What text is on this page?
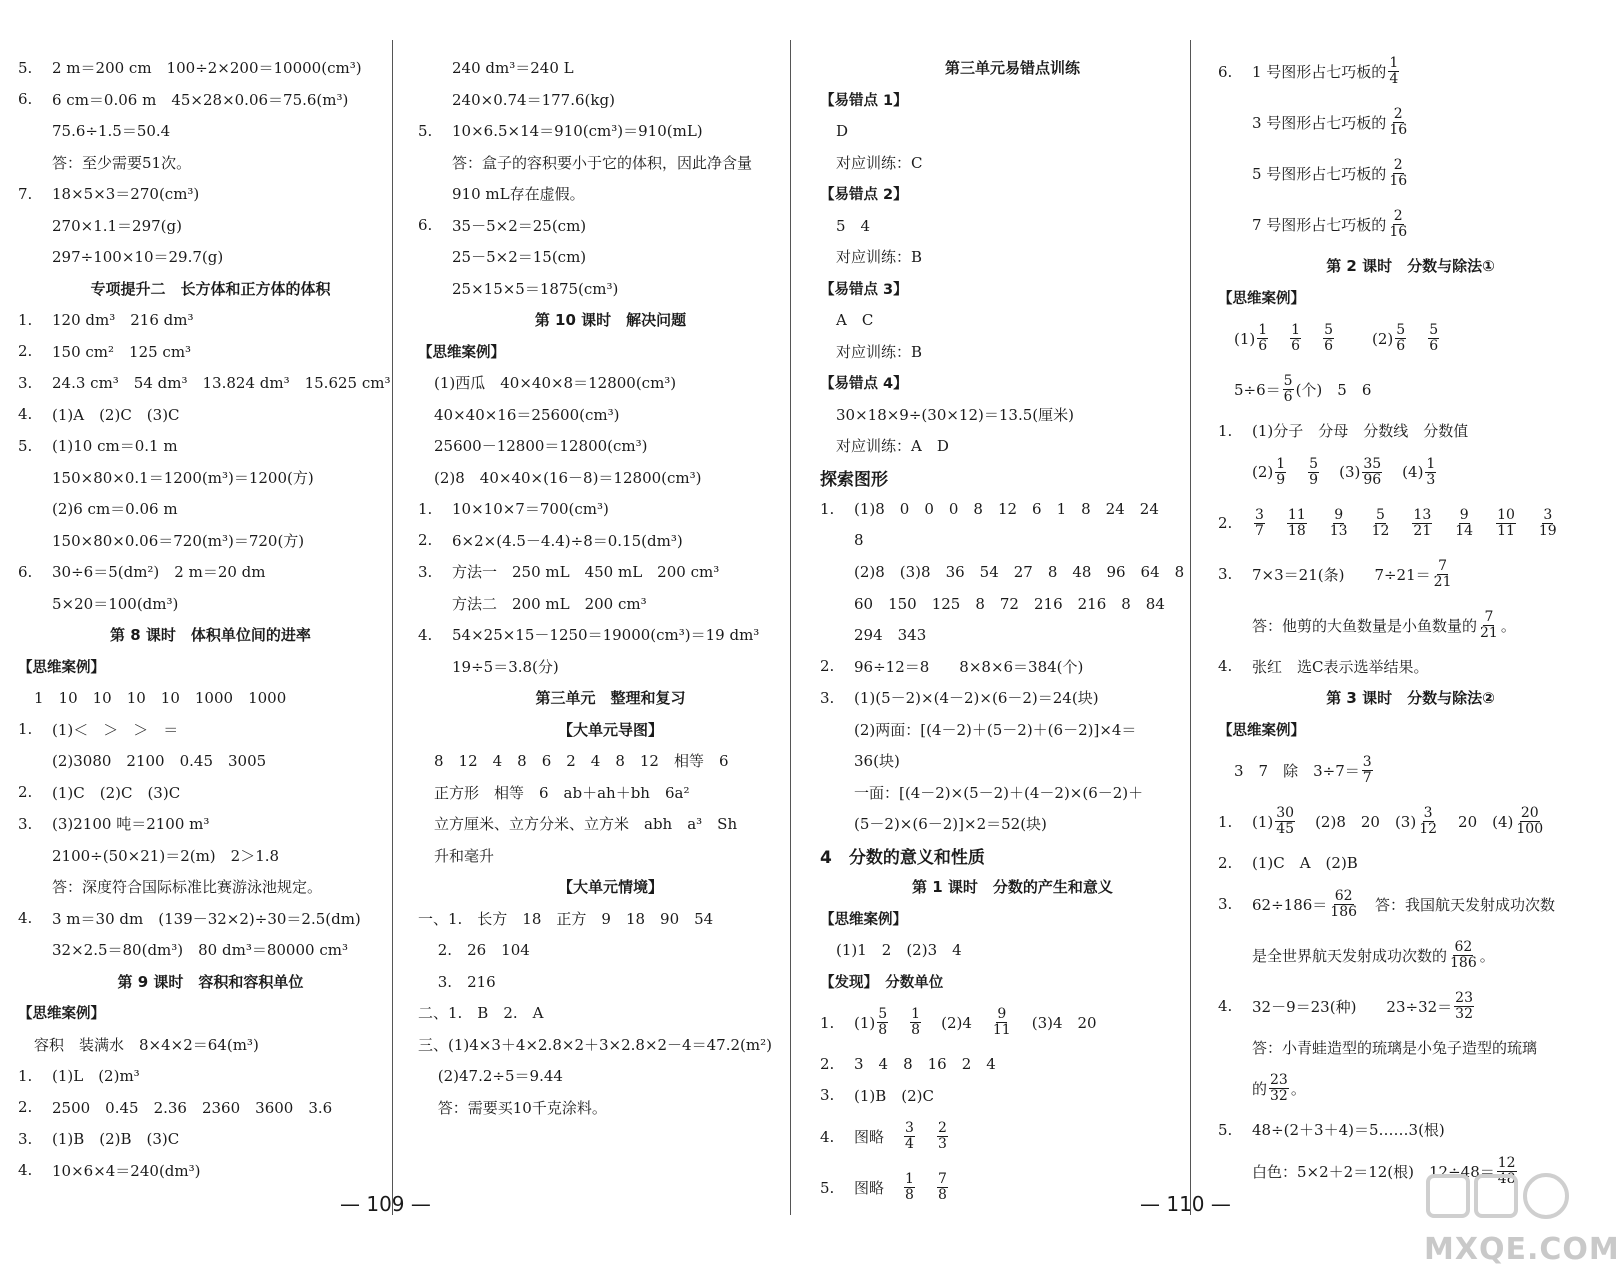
5.	2 m＝200 cm　100÷2×200＝10000(cm³)
6.	6 cm＝0.06 m　45×28×0.06＝75.6(m³)
75.6÷1.5＝50.4
答：至少需要51次。
7.	18×5×3＝270(cm³)
270×1.1＝297(g)
297÷100×10＝29.7(g)
专项提升二　长方体和正方体的体积
1.	120 dm³　216 dm³
2.	150 cm²　125 cm³
3.	24.3 cm³　54 dm³　13.824 dm³　15.625 cm³
4.	(1)A　(2)C　(3)C
5.	(1)10 cm＝0.1 m
150×80×0.1＝1200(m³)＝1200(方)
(2)6 cm＝0.06 m
150×80×0.06＝720(m³)＝720(方)
6.	30÷6＝5(dm²)　2 m＝20 dm
5×20＝100(dm³)
第 8 课时　体积单位间的进率
【思维案例】
1　10　10　10　10　1000　1000
1.	(1)＜　＞　＞　＝
(2)3080　2100　0.45　3005
2.	(1)C　(2)C　(3)C
3.	(3)2100 吨＝2100 m³
2100÷(50×21)＝2(m)　2＞1.8
答：深度符合国际标准比赛游泳池规定。
4.	3 m＝30 dm　(139－32×2)÷30＝2.5(dm)
32×2.5＝80(dm³)　80 dm³＝80000 cm³
第 9 课时　容积和容积单位
【思维案例】
容积　装满水　8×4×2＝64(m³)
1.	(1)L　(2)m³
2.	2500　0.45　2.36　2360　3600　3.6
3.	(1)B　(2)B　(3)C
4.	10×6×4＝240(dm³)
240 dm³＝240 L
240×0.74＝177.6(kg)
5.	10×6.5×14＝910(cm³)＝910(mL)
答：盒子的容积要小于它的体积，因此净含量
910 mL存在虚假。
6.	35－5×2＝25(cm)
25－5×2＝15(cm)
25×15×5＝1875(cm³)
第 10 课时　解决问题
【思维案例】
(1)西瓜　40×40×8＝12800(cm³)
40×40×16＝25600(cm³)
25600－12800＝12800(cm³)
(2)8　40×40×(16－8)＝12800(cm³)
1.	10×10×7＝700(cm³)
2.	6×2×(4.5－4.4)÷8＝0.15(dm³)
3.	方法一　250 mL　450 mL　200 cm³
方法二　200 mL　200 cm³
4.	54×25×15－1250＝19000(cm³)＝19 dm³
19÷5＝3.8(分)
第三单元　整理和复习
【大单元导图】
8　12　4　8　6　2　4　8　12　相等　6
正方形　相等　6　ab＋ah＋bh　6a²
立方厘米、立方分米、立方米　abh　a³　Sh
升和毫升
【大单元情境】
一、1.　长方　18　正方　9　18　90　54
　 2.　26　104
　 3.　216
二、1.　B　2.　A
三、(1)4×3＋4×2.8×2＋3×2.8×2－4＝47.2(m²)
　 (2)47.2÷5＝9.44
　 答：需要买10千克涂料。
第三单元易错点训练
【易错点 1】
D
对应训练：C
【易错点 2】
5　4
对应训练：B
【易错点 3】
A　C
对应训练：B
【易错点 4】
30×18×9÷(30×12)＝13.5(厘米)
对应训练：A　D
探索图形
1.	(1)8　0　0　0　8　12　6　1　8　24　24
8
(2)8　(3)8　36　54　27　8　48　96　64　8
60　150　125　8　72　216　216　8　84
294　343
2.	96÷12＝8　　8×8×6＝384(个)
3.	(1)(5－2)×(4－2)×(6－2)＝24(块)
(2)两面：[(4－2)＋(5－2)＋(6－2)]×4＝
36(块)
一面：[(4－2)×(5－2)＋(4－2)×(6－2)＋
(5－2)×(6－2)]×2＝52(块)
4　分数的意义和性质
第 1 课时　分数的产生和意义
【思维案例】
(1)1　2　(2)3　4
【发现】　分数单位
1.	$(1) \frac{5}{8} \frac{1}{8} (2)4 \frac{9}{11} (3)4$　20
2.	3　4　8　16　2　4
3.	(1)B　(2)C
4.	图略 $\frac{3}{4} \frac{2}{3}$
5.	图略 $\frac{1}{8} \frac{7}{8}$
6.	1 号图形占七巧板的 $\frac{1}{4}$
3 号图形占七巧板的 $\frac{2}{16}$
5 号图形占七巧板的 $\frac{2}{16}$
7 号图形占七巧板的 $\frac{2}{16}$
第 2 课时　分数与除法①
【思维案例】
$(1) \frac{1}{6} \frac{1}{6} \frac{5}{6}$	$(2) \frac{5}{6} \frac{5}{6}$
$5\div 6= \frac{5}{6}$ (个)　5　6
1.	(1)分子　分母　分数线　分数值
$(2) \frac{1}{9} \frac{5}{9} (3) \frac{35}{96} (4) \frac{1}{3}$
2.	$\frac{3}{7} \frac{11}{18} \frac{9}{13} \frac{5}{12} \frac{13}{21} \frac{9}{14} \frac{10}{11} \frac{3}{19}$
3.	7×3＝21(条)　　$7\div 21= \frac{7}{21}$
答：他剪的大鱼数量是小鱼数量的 $\frac{7}{21}$ 。
4.	张红　选C表示选举结果。
第 3 课时　分数与除法②
【思维案例】
3　7　除　$3\div 7= \frac{3}{7}$
1.	$(1) \frac{30}{45} (2)8$　20　$(3) \frac{3}{12} 20$　$(4) \frac{20}{100}$
2.	(1)C　A　(2)B
3.	$62\div 186= \frac{62}{186}$ 　答：我国航天发射成功次数
是全世界航天发射成功次数的 $\frac{62}{186}$ 。
4.	32－9＝23(种)　　$23\div 32= \frac{23}{32}$
答：小青蛙造型的琉璃是小兔子造型的琉璃
的 $\frac{23}{32}$ 。
5.	48÷(2＋3＋4)＝5……3(根)
白色：5×2＋2＝12(根)　$12\div 48= \frac{12}{48}$
— 109 —	— 110 —
MXQE.COM
